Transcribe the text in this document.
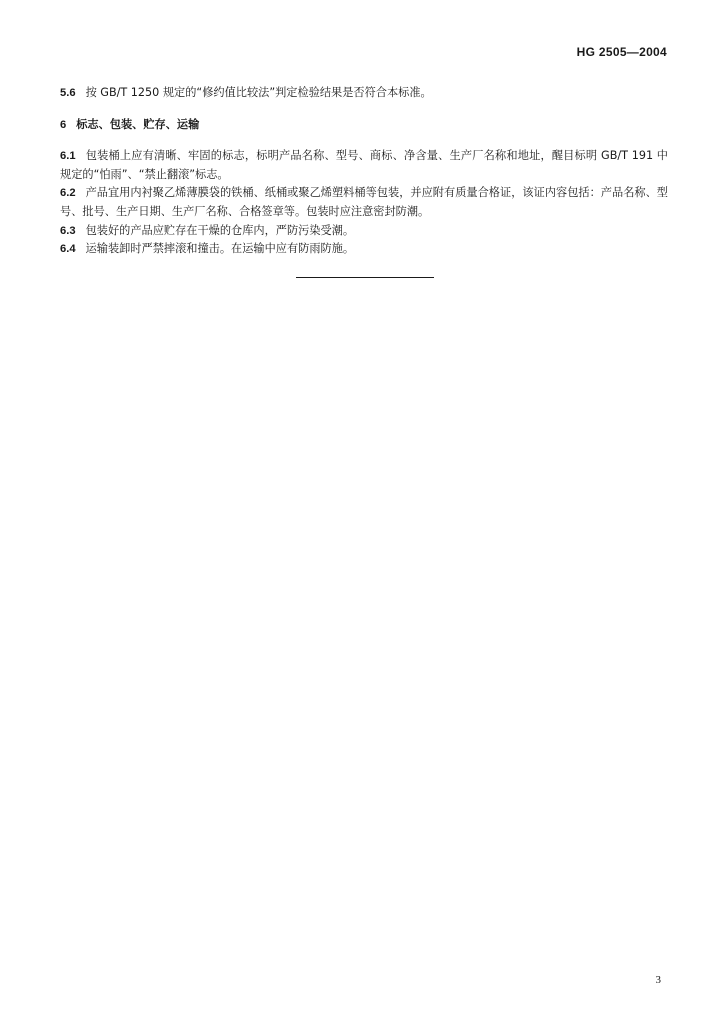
HG 2505—2004

5.6 按 GB/T 1250 规定的“修约值比较法”判定检验结果是否符合本标准。

6 标志、包装、贮存、运输

6.1 包装桶上应有清晰、牢固的标志，标明产品名称、型号、商标、净含量、生产厂名称和地址，醒目标明 GB/T 191 中规定的“怕雨”、“禁止翻滚”标志。

6.2 产品宜用内衬聚乙烯薄膜袋的铁桶、纸桶或聚乙烯塑料桶等包装，并应附有质量合格证，该证内容包括：产品名称、型号、批号、生产日期、生产厂名称、合格签章等。包装时应注意密封防潮。

6.3 包装好的产品应贮存在干燥的仓库内，严防污染受潮。

6.4 运输装卸时严禁摔滚和撞击。在运输中应有防雨防施。

3
